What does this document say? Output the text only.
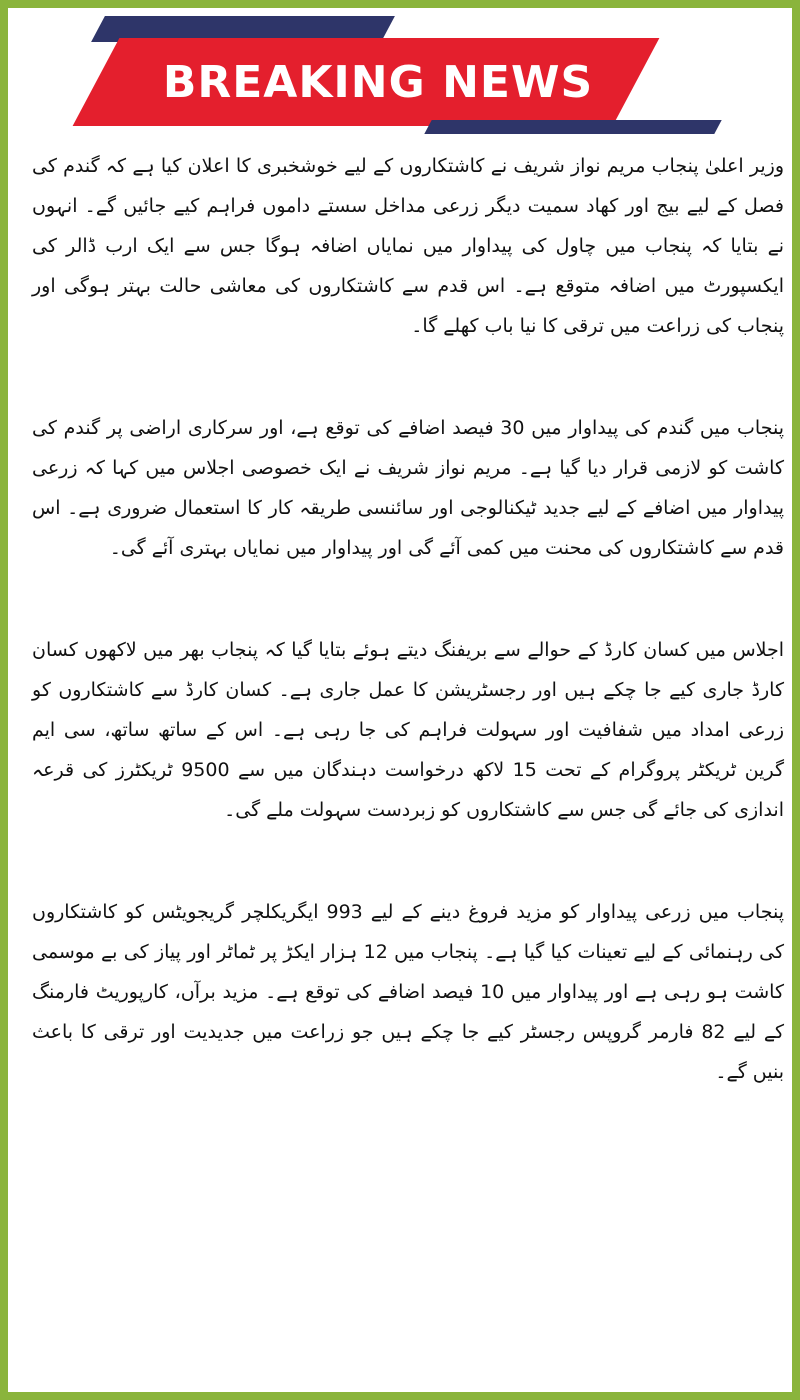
BREAKING NEWS

وزیر اعلیٰ پنجاب مریم نواز شریف نے کاشتکاروں کے لیے خوشخبری کا اعلان کیا ہے کہ گندم کی فصل کے لیے بیج اور کھاد سمیت دیگر زرعی مداخل سستے داموں فراہم کیے جائیں گے۔ انہوں نے بتایا کہ پنجاب میں چاول کی پیداوار میں نمایاں اضافہ ہوگا جس سے ایک ارب ڈالر کی ایکسپورٹ میں اضافہ متوقع ہے۔ اس قدم سے کاشتکاروں کی معاشی حالت بہتر ہوگی اور پنجاب کی زراعت میں ترقی کا نیا باب کھلے گا۔

پنجاب میں گندم کی پیداوار میں 30 فیصد اضافے کی توقع ہے، اور سرکاری اراضی پر گندم کی کاشت کو لازمی قرار دیا گیا ہے۔ مریم نواز شریف نے ایک خصوصی اجلاس میں کہا کہ زرعی پیداوار میں اضافے کے لیے جدید ٹیکنالوجی اور سائنسی طریقہ کار کا استعمال ضروری ہے۔ اس قدم سے کاشتکاروں کی محنت میں کمی آئے گی اور پیداوار میں نمایاں بہتری آئے گی۔

اجلاس میں کسان کارڈ کے حوالے سے بریفنگ دیتے ہوئے بتایا گیا کہ پنجاب بھر میں لاکھوں کسان کارڈ جاری کیے جا چکے ہیں اور رجسٹریشن کا عمل جاری ہے۔ کسان کارڈ سے کاشتکاروں کو زرعی امداد میں شفافیت اور سہولت فراہم کی جا رہی ہے۔ اس کے ساتھ ساتھ، سی ایم گرین ٹریکٹر پروگرام کے تحت 15 لاکھ درخواست دہندگان میں سے 9500 ٹریکٹرز کی قرعہ اندازی کی جائے گی جس سے کاشتکاروں کو زبردست سہولت ملے گی۔

پنجاب میں زرعی پیداوار کو مزید فروغ دینے کے لیے 993 ایگریکلچر گریجویٹس کو کاشتکاروں کی رہنمائی کے لیے تعینات کیا گیا ہے۔ پنجاب میں 12 ہزار ایکڑ پر ٹماٹر اور پیاز کی بے موسمی کاشت ہو رہی ہے اور پیداوار میں 10 فیصد اضافے کی توقع ہے۔ مزید برآں، کارپوریٹ فارمنگ کے لیے 82 فارمر گروپس رجسٹر کیے جا چکے ہیں جو زراعت میں جدیدیت اور ترقی کا باعث بنیں گے۔
